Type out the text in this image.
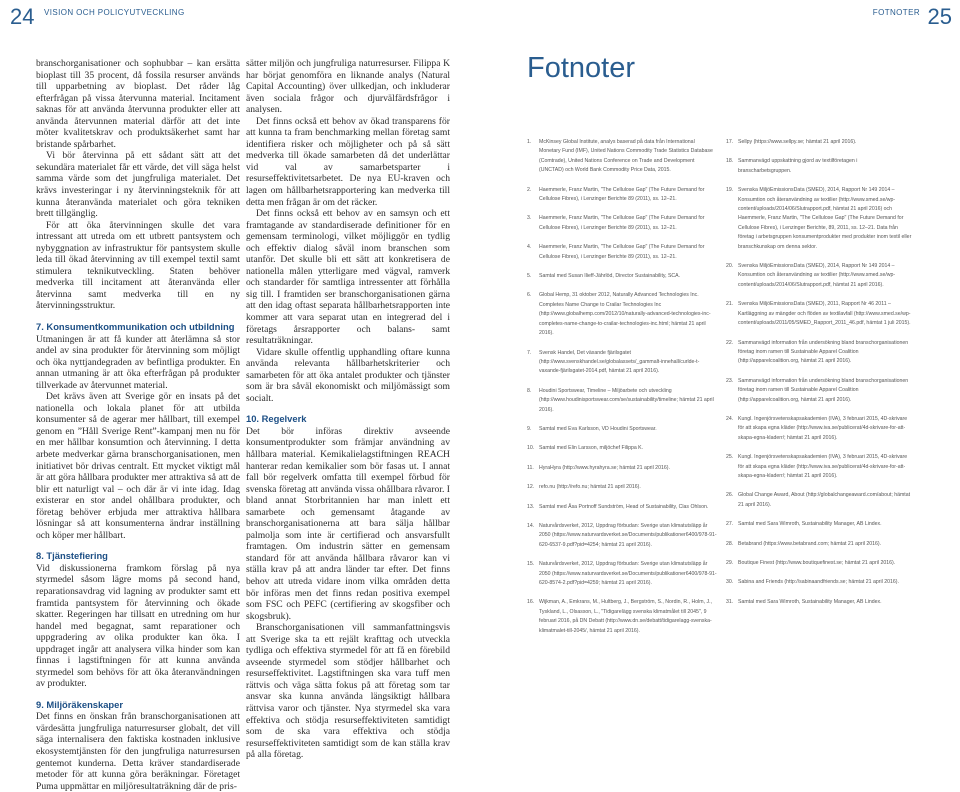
24 VISION OCH POLICYUTVECKLING	FOTNOTER 25

branschorganisationer och sophubbar – kan ersätta bioplast till 35 procent, då fossila resurser används till upparbetning av bioplast. Det råder låg efterfrågan på vissa återvunna material. Incitament saknas för att använda återvunna produkter eller att använda återvunnen material därför att det inte möter kvalitetskrav och produktsäkerhet samt har bristande spårbarhet.

Vi bör återvinna på ett sådant sätt att det sekundära materialet får ett värde, det vill säga helst samma värde som det jungfruliga materialet. Det krävs investeringar i ny återvinningsteknik för att kunna återanvända materialet och göra tekniken brett tillgänglig.

För att öka återvinningen skulle det vara intressant att utreda om ett utbrett pantsystem och nybyggnation av infrastruktur för pantsystem skulle leda till ökad återvinning av till exempel textil samt stimulera teknikutveckling. Staten behöver medverka till incitament att återanvända eller återvinna samt medverka till en ny återvinningsstruktur.

7. Konsumentkommunikation och utbildning

Utmaningen är att få kunder att återlämna så stor andel av sina produkter för återvinning som möjligt och öka nyttjandegraden av befintliga produkter. En annan utmaning är att öka efterfrågan på produkter tillverkade av återvunnet material.

Det krävs även att Sverige gör en insats på det nationella och lokala planet för att utbilda konsumenter så de agerar mer hållbart, till exempel genom en ”Håll Sverige Rent”-kampanj men nu för en mer hållbar konsumtion och återvinning. I detta arbete medverkar gärna branschorganisationen, men initiativet bör drivas centralt. Ett mycket viktigt mål är att göra hållbara produkter mer attraktiva så att de blir ett naturligt val – och där är vi inte idag. Idag existerar en stor andel ohållbara produkter, och företag behöver erbjuda mer attraktiva hållbara lösningar så att konsumenterna ändrar inställning och köper mer hållbart.

8. Tjänstefiering

Vid diskussionerna framkom förslag på nya styrmedel såsom lägre moms på second hand, reparationsavdrag vid lagning av produkter samt ett framtida pantsystem för återvinning och ökade skatter. Regeringen har tillsatt en utredning om hur handel med begagnat, samt reparationer och uppgradering av olika produkter kan öka. I uppdraget ingår att analysera vilka hinder som kan finnas i lagstiftningen för att kunna använda styrmedel som behövs för att öka återanvändningen av produkter.

9. Miljöräkenskaper

Det finns en önskan från branschorganisationen att värdesätta jungfruliga naturresurser globalt, det vill säga internalisera den faktiska kostnaden inklusive ekosystemtjänsten för den jungfruliga naturresursen gentemot kunderna. Detta kräver standardiserade metoder för att kunna göra beräkningar. Företaget Puma uppmättar en miljöresultaträkning där de pris-

sätter miljön och jungfruliga naturresurser. Filippa K har börjat genomföra en liknande analys (Natural Capital Accounting) över ullkedjan, och inkluderar även sociala frågor och djurvälfärdsfrågor i analysen.

Det finns också ett behov av ökad transparens för att kunna ta fram benchmarking mellan företag samt identifiera risker och möjligheter och på så sätt medverka till ökade samarbeten då det underlättar vid val av samarbetsparter i resurseffektivitetsarbetet. De nya EU-kraven och lagen om hållbarhetsrapportering kan medverka till detta men frågan är om det räcker.

Det finns också ett behov av en samsyn och ett framtagande av standardiserade definitioner för en gemensam terminologi, vilket möjliggör en tydlig och effektiv dialog såväl inom branschen som utanför. Det skulle bli ett sätt att konkretisera de nationella målen ytterligare med vägval, ramverk och standarder för samtliga intressenter att förhålla sig till. I framtiden ser branschorganisationen gärna att den idag oftast separata hållbarhetsrapporten inte kommer att vara separat utan en integrerad del i företags årsrapporter och balans- samt resultaträkningar.

Vidare skulle offentlig upphandling oftare kunna använda relevanta hållbarhetskriterier och samarbeten för att öka antalet produkter och tjänster som är bra såväl ekonomiskt och miljömässigt som socialt.

10. Regelverk

Det bör införas direktiv avseende konsumentprodukter som främjar användning av hållbara material. Kemikalielagstiftningen REACH hanterar redan kemikalier som bör fasas ut. I annat fall bör regelverk omfatta till exempel förbud för svenska företag att använda vissa ohållbara råvaror. I bland annat Storbritannien har man inlett ett samarbete och gemensamt åtagande av branschorganisationerna att bara sälja hållbar palmolja som inte är certifierad och ansvarsfullt framtagen. Om industrin sätter en gemensam standard för att använda hållbara råvaror kan vi ställa krav på att andra länder tar efter. Det finns behov att utreda vidare inom vilka områden detta bör införas men det finns redan positiva exempel som FSC och PEFC (certifiering av skogsfiber och skogsbruk).

Branschorganisationen vill sammanfattningsvis att Sverige ska ta ett rejält krafttag och utveckla tydliga och effektiva styrmedel för att få en förebild avseende styrmedel som stödjer hållbarhet och resurseffektivitet. Lagstiftningen ska vara tuff men rättvis och väga sätta fokus på att företag som tar ansvar ska kunna använda längsiktigt hållbara rättvisa varor och tjänster. Nya styrmedel ska vara effektiva och stödja resurseffektiviteten samtidigt som de ska vara effektiva och stödja resurseffektiviteten samtidigt som de kan ställa krav på alla företag.

Fotnoter
1.	McKinsey Global Institute, analys baserad på data från International Monetary Fund (IMF), United Nations Commodity Trade Statistics Database (Comtrade), United Nations Conference on Trade and Development (UNCTAD) och World Bank Commodity Price Data, 2015.
2.	Haemmerle, Franz Martin, "The Cellulose Gap" (The Future Demand for Cellulose Fibres), i Lenzinger Berichte 89 (2011), ss. 12–21.
3.	Haemmerle, Franz Martin, "The Cellulose Gap" (The Future Demand for Cellulose Fibres), i Lenzinger Berichte 89 (2011), ss. 12–21.
4.	Haemmerle, Franz Martin, "The Cellulose Gap" (The Future Demand for Cellulose Fibres), i Lenzinger Berichte 89 (2011), ss. 12–21.
5.	Samtal med Susan Ilieff-Jährlöd, Director Sustainability, SCA.
6.	Global Hemp, 31 oktober 2012, Naturally Advanced Technologies Inc. Completes Name Change to Crailar Technologies Inc (http://www.globalhemp.com/2012/10/naturally-advanced-technologies-inc-completes-name-change-to-crailar-technologies-inc.html; hämtat 21 april 2016).
7.	Svensk Handel, Det växande fjärilsgatet (http://www.svenskhandel.se/globalassets/_gammalt-innehall/curlde-t-vaxande-fjärilsgatet-2014.pdf, hämtat 21 april 2016).
8.	Houdini Sportswear, Timeline – Miljöarbete och utveckling (http://www.houdinisportswear.com/se/sustainability/timeline; hämtat 21 april 2016).
9.	Samtal med Eva Karlsson, VD Houdini Sportswear.
10. Samtal med Elin Larsson, miljöchef Filippa K.
11. HyraHyra (http://www.hyrahyra.se; hämtat 21 april 2016).
12. refo.nu (http://refo.nu; hämtat 21 april 2016).
13. Samtal med Åsa Portnoff Sundström, Head of Sustainability, Clas Ohlson.
14. Naturvårdsverket, 2012, Uppdrag förbudan: Sverige utan klimatutsläpp år 2050 (https://www.naturvardsverket.se/Documents/publikationer6400/978-91-620-6537-9.pdf?pid=4254; hämtat 21 april 2016).
15. Naturvårdsverket, 2012, Uppdrag förbudan: Sverige utan klimatutsläpp år 2050 (https://www.naturvardsverket.se/Documents/publikationer6400/978-91-620-8574-2.pdf?pid=4259; hämtat 21 april 2016).
16. Wijkman, A., Emkrans, M., Hultberg, J., Bergström, S., Nordin, R., Holm, J., Tyskland, L., Olsasson, L., "Tidigarelägg svenska klimatmålet till 2045", 9 februari 2016, på DN Debatt (http://www.dn.se/debatt/tidigarelagg-svenska-klimatmalet-till-2045/, hämtat 21 april 2016).
17. Sellpy (https://www.sellpy.se; hämtat 21 april 2016).
18. Sammanvägd uppskattning gjord av textilföretagen i branscharbetsgruppen.
19. Svenska MiljöEmissionsData (SMED), 2014, Rapport Nr 149 2014 – Konsumtion och återanvändning av textilier (http://www.smed.se/wp-content/uploads/2014/06/Slutrapport.pdf, hämtat 21 april 2016) och Haemmerle, Franz Martin, "The Cellulose Gap" (The Future Demand for Cellulose Fibres), i Lenzinger Berichte, 89, 2011, ss. 12–21. Data från företag i arbetsgruppen konsumentprodukter med produkter inom textil eller branschkunskap om denna sektor.
20. Svenska MiljöEmissionsData (SMED), 2014, Rapport Nr 149 2014 – Konsumtion och återanvändning av textilier (http://www.smed.se/wp-content/uploads/2014/06/Slutrapport.pdf, hämtat 21 april 2016).
21. Svenska MiljöEmissionsData (SMED), 2011, Rapport Nr 46 2011 – Kartläggning av mängder och flöden av textilavfall (http://www.smed.se/wp-content/uploads/2011/05/SMED_Rapport_2011_46.pdf, hämtat 1 juli 2015).
22. Sammanvägd information från undersökning bland branschorganisationen företag inom ramen till Sustainable Apparel Coalition (http://apparelcoalition.org, hämtat 21 april 2016).
23. Sammanvägd information från undersökning bland branschorganisationen företag inom ramen till Sustainable Apparel Coalition (http://apparelcoalition.org, hämtat 21 april 2016).
24. Kungl. Ingenjörsvetenskapsakademien (IVA), 3 februari 2015, 4D-skrivare för att skapa egna kläder (http://www.iva.se/publicerat/4d-skrivare-for-att-skapa-egna-kladerr/; hämtat 21 april 2016).
25. Kungl. Ingenjörsvetenskapsakademien (IVA), 3 februari 2015, 4D-skrivare för att skapa egna kläder (http://www.iva.se/publicerat/4d-skrivare-for-att-skapa-egna-kladerr/; hämtat 21 april 2016).
26. Global Change Award, About (http://globalchangeaward.com/about; hämtat 21 april 2016).
27. Samtal med Sara Wimroth, Sustainability Manager, AB Lindex.
28. Betabrand (https://www.betabrand.com; hämtat 21 april 2016).
29. Boutique Finest (http://www.boutiquefinest.se; hämtat 21 april 2016).
30. Sabina and Friends (http://sabinaandfriends.se; hämtat 21 april 2016).
31. Samtal med Sara Wimroth, Sustainability Manager, AB Lindex.
